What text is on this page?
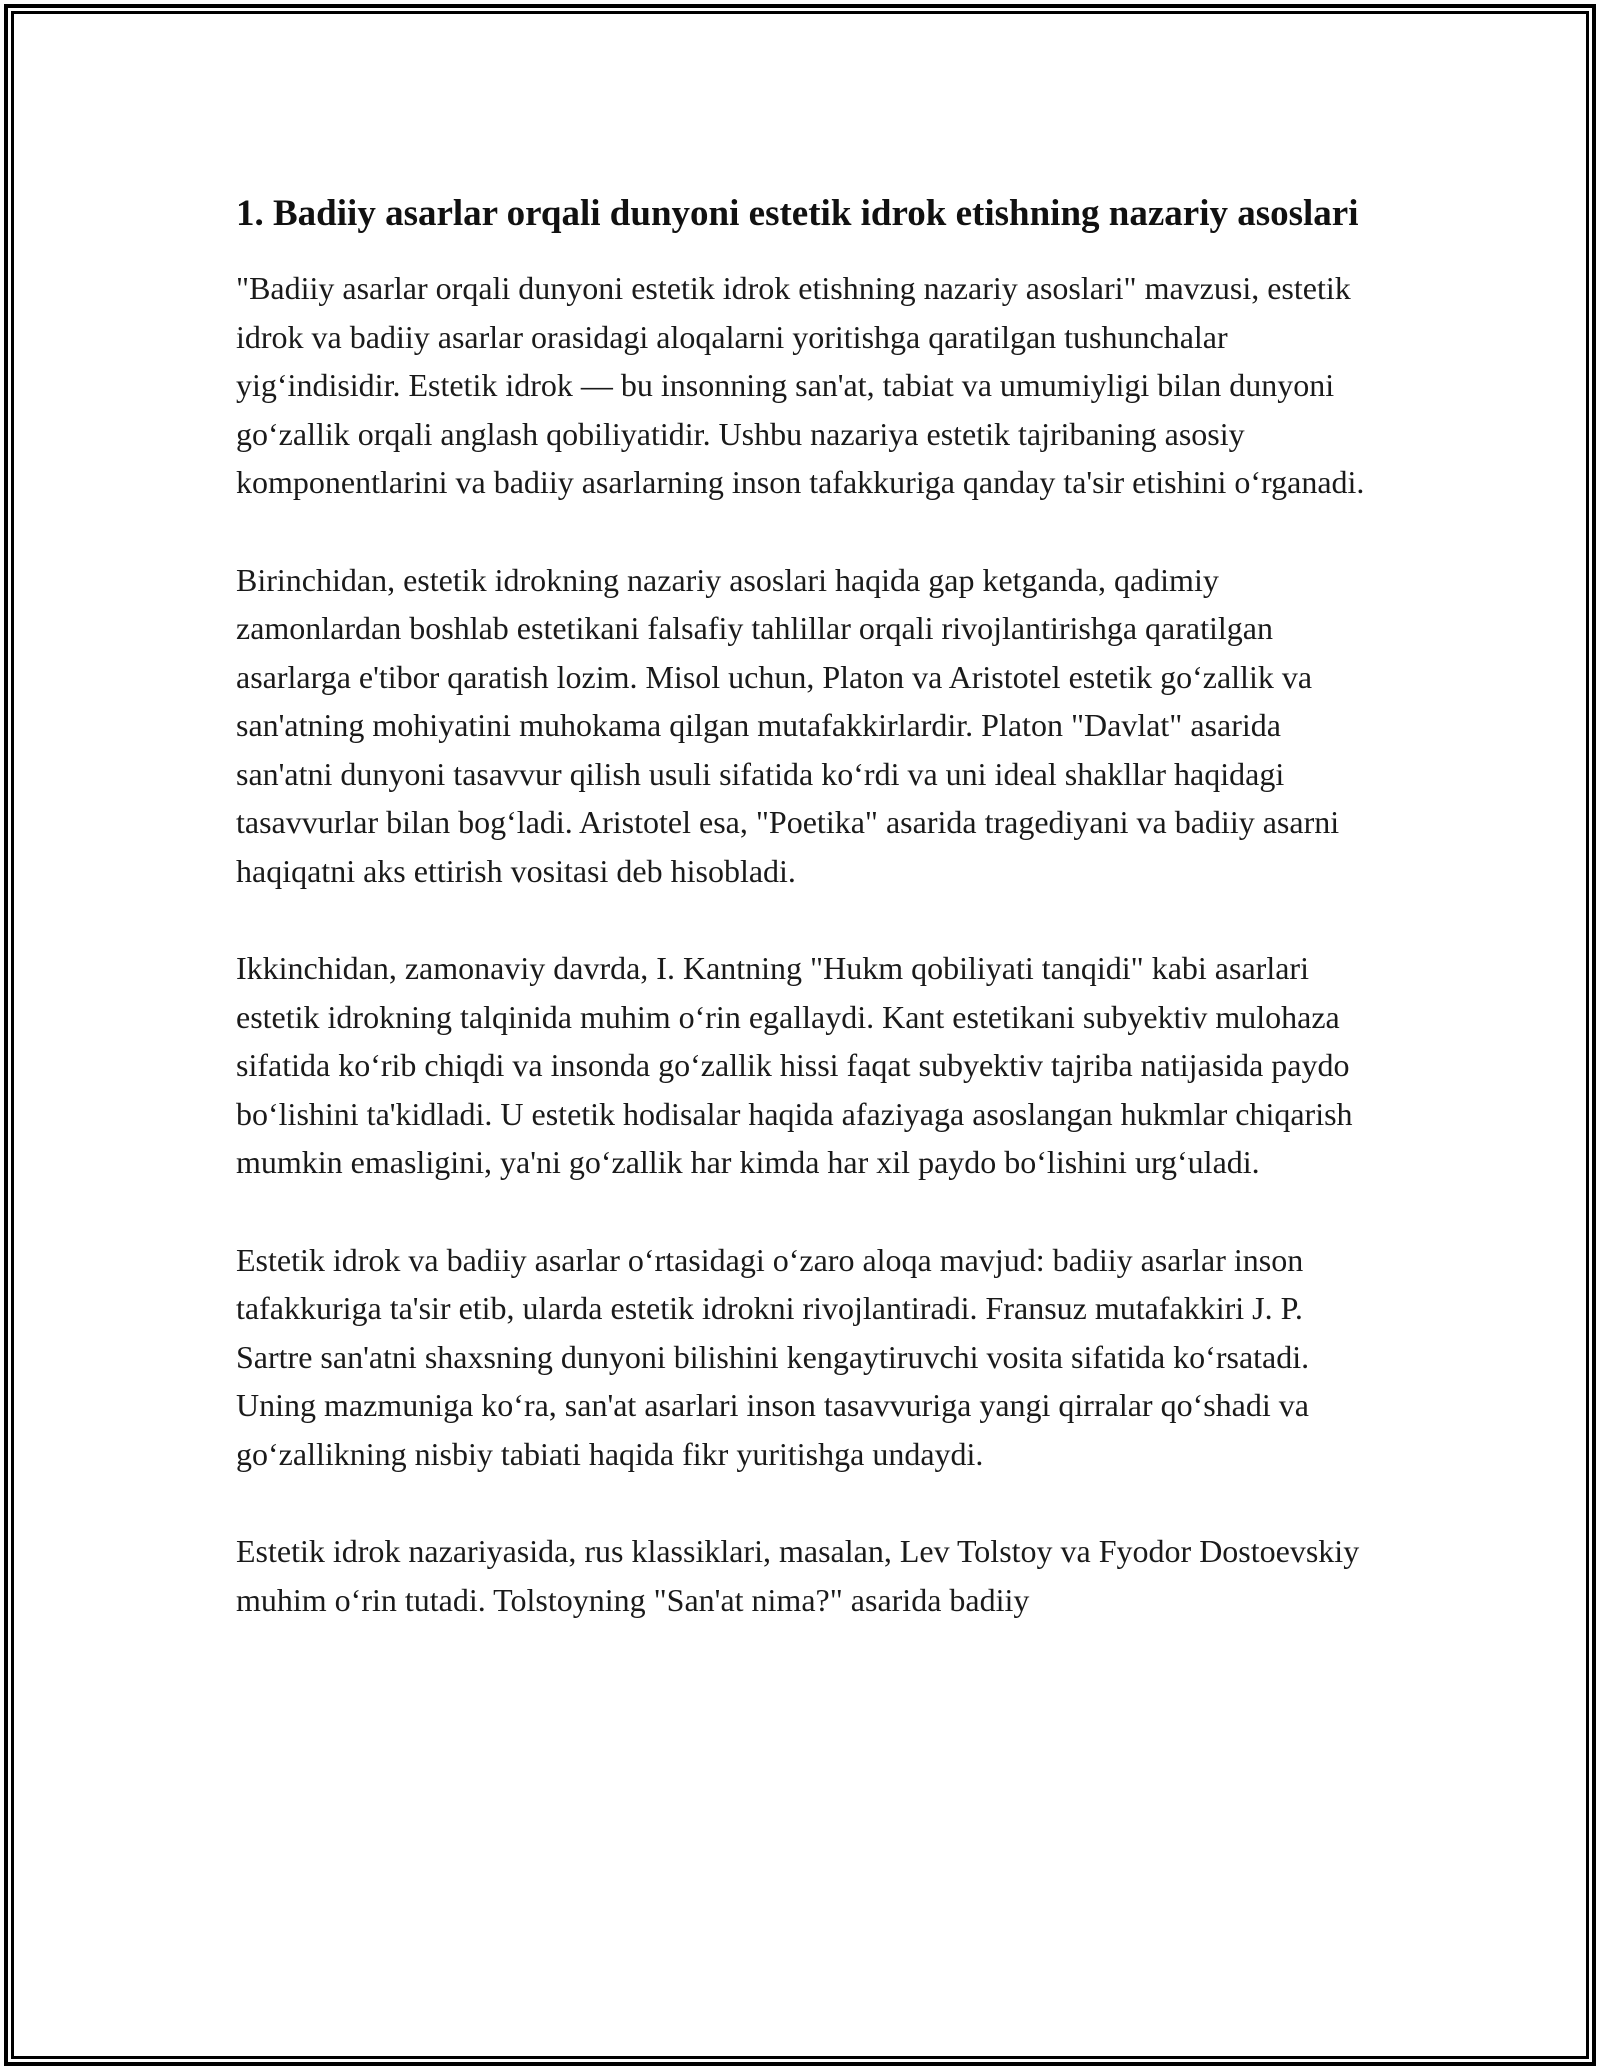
1. Badiiy asarlar orqali dunyoni estetik idrok etishning nazariy asoslari

"Badiiy asarlar orqali dunyoni estetik idrok etishning nazariy asoslari" mavzusi, estetik idrok va badiiy asarlar orasidagi aloqalarni yoritishga qaratilgan tushunchalar yig‘indisidir. Estetik idrok — bu insonning san'at, tabiat va umumiyligi bilan dunyoni go‘zallik orqali anglash qobiliyatidir. Ushbu nazariya estetik tajribaning asosiy komponentlarini va badiiy asarlarning inson tafakkuriga qanday ta'sir etishini o‘rganadi.

Birinchidan, estetik idrokning nazariy asoslari haqida gap ketganda, qadimiy zamonlardan boshlab estetikani falsafiy tahlillar orqali rivojlantirishga qaratilgan asarlarga e'tibor qaratish lozim. Misol uchun, Platon va Aristotel estetik go‘zallik va san'atning mohiyatini muhokama qilgan mutafakkirlardir. Platon "Davlat" asarida san'atni dunyoni tasavvur qilish usuli sifatida ko‘rdi va uni ideal shakllar haqidagi tasavvurlar bilan bog‘ladi. Aristotel esa, "Poetika" asarida tragediyani va badiiy asarni haqiqatni aks ettirish vositasi deb hisobladi.

Ikkinchidan, zamonaviy davrda, I. Kantning "Hukm qobiliyati tanqidi" kabi asarlari estetik idrokning talqinida muhim o‘rin egallaydi. Kant estetikani subyektiv mulohaza sifatida ko‘rib chiqdi va insonda go‘zallik hissi faqat subyektiv tajriba natijasida paydo bo‘lishini ta'kidladi. U estetik hodisalar haqida afaziyaga asoslangan hukmlar chiqarish mumkin emasligini, ya'ni go‘zallik har kimda har xil paydo bo‘lishini urg‘uladi.

Estetik idrok va badiiy asarlar o‘rtasidagi o‘zaro aloqa mavjud: badiiy asarlar inson tafakkuriga ta'sir etib, ularda estetik idrokni rivojlantiradi. Fransuz mutafakkiri J. P. Sartre san'atni shaxsning dunyoni bilishini kengaytiruvchi vosita sifatida ko‘rsatadi. Uning mazmuniga ko‘ra, san'at asarlari inson tasavvuriga yangi qirralar qo‘shadi va go‘zallikning nisbiy tabiati haqida fikr yuritishga undaydi.

Estetik idrok nazariyasida, rus klassiklari, masalan, Lev Tolstoy va Fyodor Dostoevskiy muhim o‘rin tutadi. Tolstoyning "San'at nima?" asarida badiiy
